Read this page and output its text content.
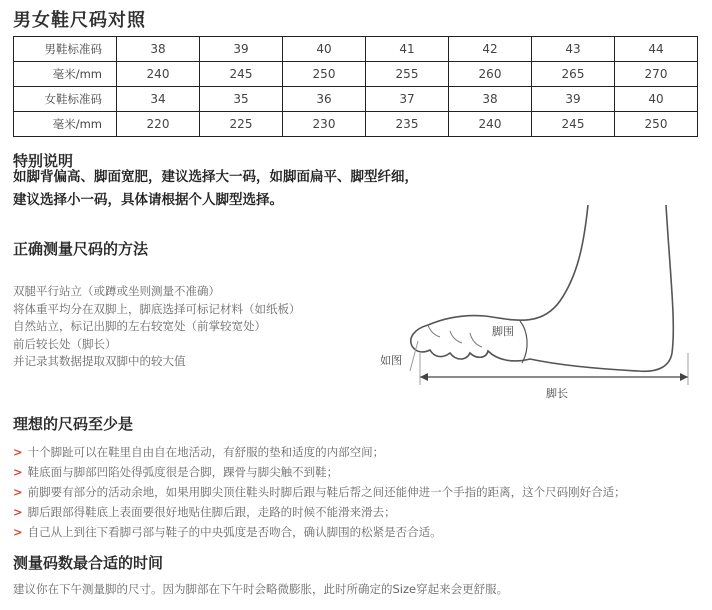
男女鞋尺码对照
男鞋标准码	38	39	40	41	42	43	44
毫米/mm	240	245	250	255	260	265	270
女鞋标准码	34	35	36	37	38	39	40
毫米/mm	220	225	230	235	240	245	250
特别说明
如脚背偏高、脚面宽肥，建议选择大一码，如脚面扁平、脚型纤细，
建议选择小一码，具体请根据个人脚型选择。
正确测量尺码的方法
双腿平行站立（或蹲或坐则测量不准确）
将体重平均分在双脚上，脚底选择可标记材料（如纸板）
自然站立，标记出脚的左右较宽处（前掌较宽处）
前后较长处（脚长）
并记录其数据提取双脚中的较大值
脚围
如图
脚长
理想的尺码至少是
> 十个脚趾可以在鞋里自由自在地活动，有舒服的垫和适度的内部空间；
> 鞋底面与脚部凹陷处得弧度很是合脚，踝骨与脚尖触不到鞋；
> 前脚要有部分的活动余地，如果用脚尖顶住鞋头时脚后跟与鞋后帮之间还能伸进一个手指的距离，这个尺码刚好合适；
> 脚后跟部得鞋底上表面要很好地贴住脚后跟，走路的时候不能滑来滑去；
> 自己从上到往下看脚弓部与鞋子的中央弧度是否吻合，确认脚围的松紧是否合适。
测量码数最合适的时间
建议你在下午测量脚的尺寸。因为脚部在下午时会略微膨胀，此时所确定的Size穿起来会更舒服。
